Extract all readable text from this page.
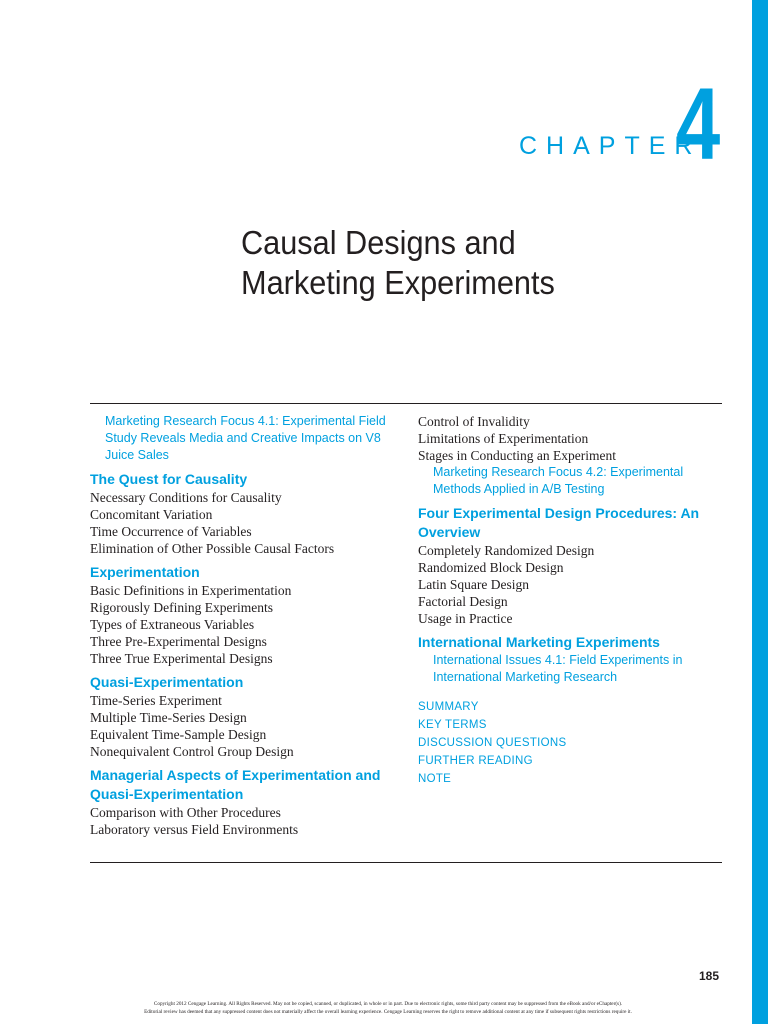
CHAPTER
4
Causal Designs and
Marketing Experiments
Marketing Research Focus 4.1: Experimental Field Study Reveals Media and Creative Impacts on V8 Juice Sales
The Quest for Causality
Necessary Conditions for Causality
Concomitant Variation
Time Occurrence of Variables
Elimination of Other Possible Causal Factors
Experimentation
Basic Definitions in Experimentation
Rigorously Defining Experiments
Types of Extraneous Variables
Three Pre-Experimental Designs
Three True Experimental Designs
Quasi-Experimentation
Time-Series Experiment
Multiple Time-Series Design
Equivalent Time-Sample Design
Nonequivalent Control Group Design
Managerial Aspects of Experimentation and Quasi-Experimentation
Comparison with Other Procedures
Laboratory versus Field Environments
Control of Invalidity
Limitations of Experimentation
Stages in Conducting an Experiment
Marketing Research Focus 4.2: Experimental Methods Applied in A/B Testing
Four Experimental Design Procedures: An Overview
Completely Randomized Design
Randomized Block Design
Latin Square Design
Factorial Design
Usage in Practice
International Marketing Experiments
International Issues 4.1: Field Experiments in International Marketing Research
SUMMARY
KEY TERMS
DISCUSSION QUESTIONS
FURTHER READING
NOTE
185
Copyright 2012 Cengage Learning. All Rights Reserved. May not be copied, scanned, or duplicated, in whole or in part. Due to electronic rights, some third party content may be suppressed from the eBook and/or eChapter(s).
Editorial review has deemed that any suppressed content does not materially affect the overall learning experience. Cengage Learning reserves the right to remove additional content at any time if subsequent rights restrictions require it.
